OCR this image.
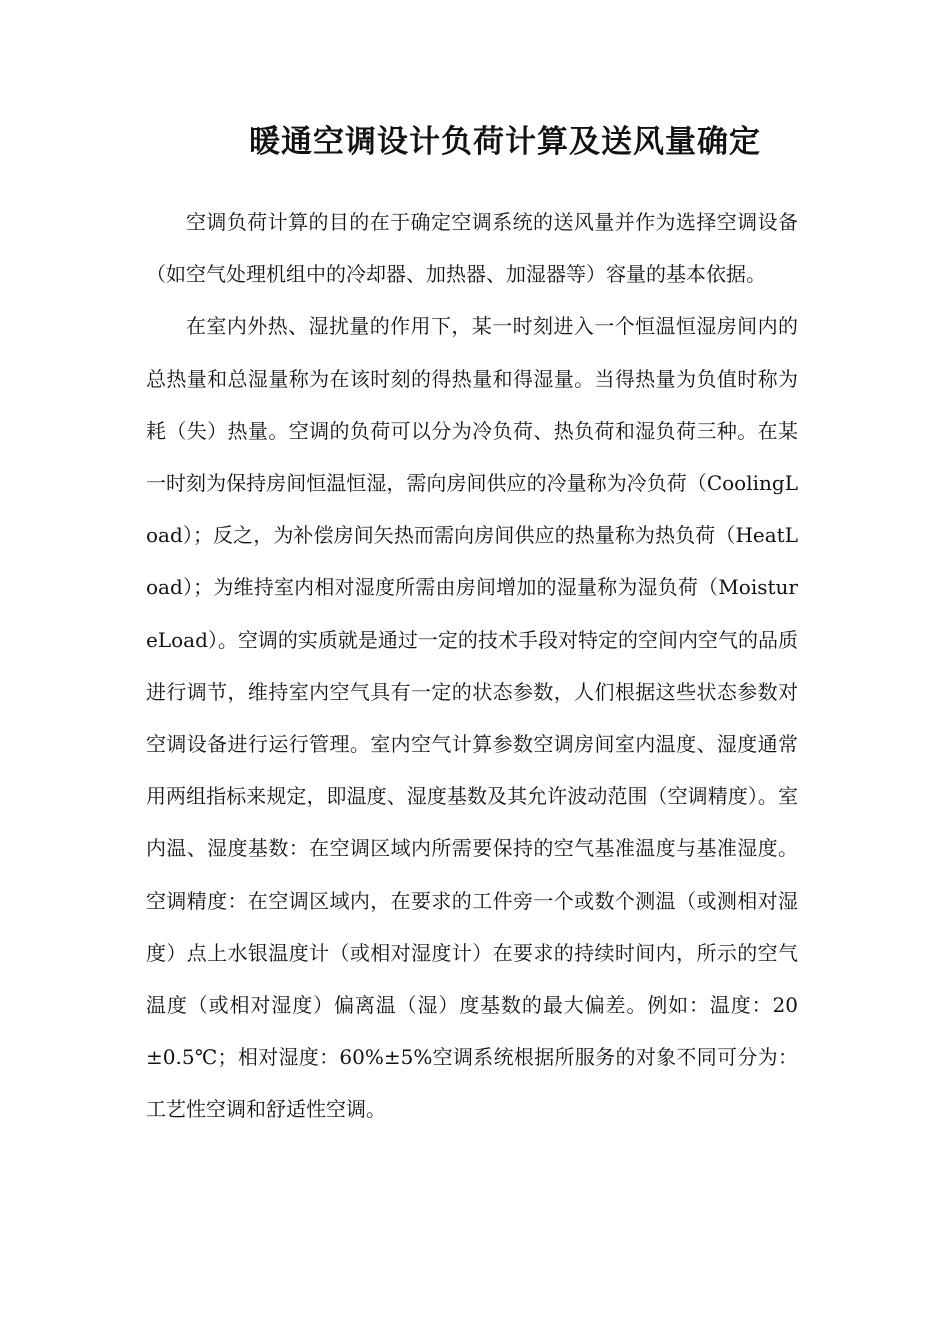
暖通空调设计负荷计算及送风量确定

空调负荷计算的目的在于确定空调系统的送风量并作为选择空调设备（如空气处理机组中的冷却器、加热器、加湿器等）容量的基本依据。

在室内外热、湿扰量的作用下，某一时刻进入一个恒温恒湿房间内的总热量和总湿量称为在该时刻的得热量和得湿量。当得热量为负值时称为耗（失）热量。空调的负荷可以分为冷负荷、热负荷和湿负荷三种。在某一时刻为保持房间恒温恒湿，需向房间供应的冷量称为冷负荷（CoolingLoad）；反之，为补偿房间矢热而需向房间供应的热量称为热负荷（HeatLoad）；为维持室内相对湿度所需由房间增加的湿量称为湿负荷（MoistureLoad）。空调的实质就是通过一定的技术手段对特定的空间内空气的品质进行调节，维持室内空气具有一定的状态参数，人们根据这些状态参数对空调设备进行运行管理。室内空气计算参数空调房间室内温度、湿度通常用两组指标来规定，即温度、湿度基数及其允许波动范围（空调精度）。室内温、湿度基数：在空调区域内所需要保持的空气基准温度与基准湿度。空调精度：在空调区域内，在要求的工件旁一个或数个测温（或测相对湿度）点上水银温度计（或相对湿度计）在要求的持续时间内，所示的空气温度（或相对湿度）偏离温（湿）度基数的最大偏差。例如：温度：20±0.5℃；相对湿度：60%±5%空调系统根据所服务的对象不同可分为：工艺性空调和舒适性空调。
